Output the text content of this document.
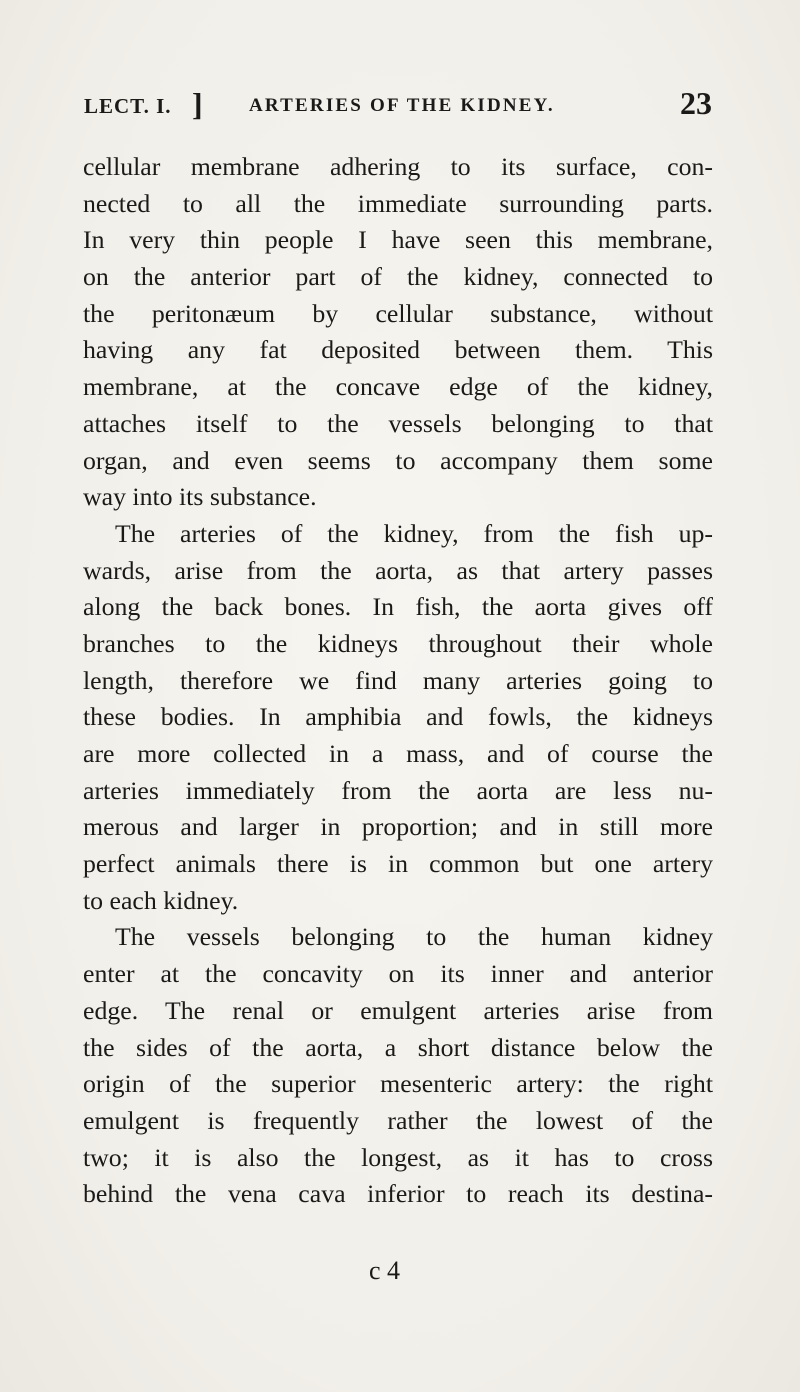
LECT. I. ] ARTERIES OF THE KIDNEY.	23
cellular membrane adhering to its surface, con-
nected to all the immediate surrounding parts.
In very thin people I have seen this membrane,
on the anterior part of the kidney, connected to
the peritonæum by cellular substance, without
having any fat deposited between them. This
membrane, at the concave edge of the kidney,
attaches itself to the vessels belonging to that
organ, and even seems to accompany them some
way into its substance.
The arteries of the kidney, from the fish up-
wards, arise from the aorta, as that artery passes
along the back bones. In fish, the aorta gives off
branches to the kidneys throughout their whole
length, therefore we find many arteries going to
these bodies. In amphibia and fowls, the kidneys
are more collected in a mass, and of course the
arteries immediately from the aorta are less nu-
merous and larger in proportion; and in still more
perfect animals there is in common but one artery
to each kidney.
The vessels belonging to the human kidney
enter at the concavity on its inner and anterior
edge. The renal or emulgent arteries arise from
the sides of the aorta, a short distance below the
origin of the superior mesenteric artery: the right
emulgent is frequently rather the lowest of the
two; it is also the longest, as it has to cross
behind the vena cava inferior to reach its destina-
c 4
